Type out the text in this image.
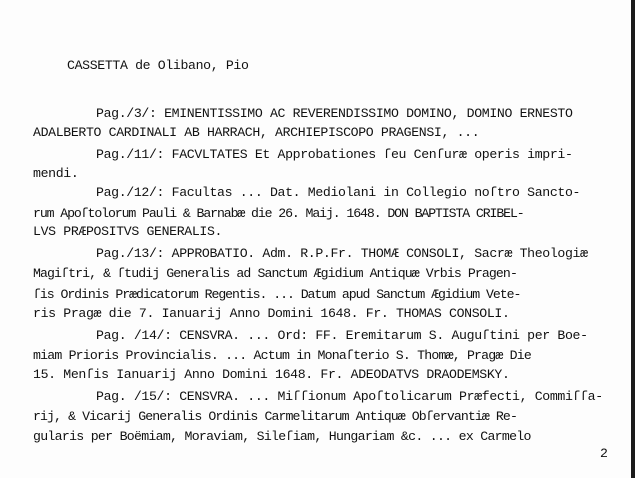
CASSETTA de Olibano, Pio
Pag./3/: EMINENTISSIMO AC REVERENDISSIMO DOMINO, DOMINO ERNESTO
ADALBERTO CARDINALI AB HARRACH, ARCHIEPISCOPO PRAGENSI, ...
Pag./11/: FACVLTATES Et Approbationes ſeu Cenſuræ operis impri-
mendi.
Pag./12/: Facultas ... Dat. Mediolani in Collegio noſtro Sancto-
rum Apoſtolorum Pauli & Barnabæ die 26. Maij. 1648. DON BAPTISTA CRIBEL-
LVS PRÆPOSITVS GENERALIS.
Pag./13/: APPROBATIO. Adm. R.P.Fr. THOMÆ CONSOLI, Sacræ Theologiæ
Magiſtri, & ſtudij Generalis ad Sanctum Ægidium Antiquæ Vrbis Pragen-
ſis Ordinis Prædicatorum Regentis. ... Datum apud Sanctum Ægidium Vete-
ris Pragæ die 7. Ianuarij Anno Domini 1648. Fr. THOMAS CONSOLI.
Pag. /14/: CENSVRA. ... Ord: FF. Eremitarum S. Auguſtini per Boe-
miam Prioris Provincialis. ... Actum in Monaſterio S. Thomæ, Pragæ Die
15. Menſis Ianuarij Anno Domini 1648. Fr. ADEODATVS DRAODEMSKY.
Pag. /15/: CENSVRA. ... Miſſionum Apoſtolicarum Præfecti, Commiſſa-
rij, & Vicarij Generalis Ordinis Carmelitarum Antiquæ Obſervantiæ Re-
gularis per Boëmiam, Moraviam, Sileſiam, Hungariam &c. ... ex Carmelo
2
